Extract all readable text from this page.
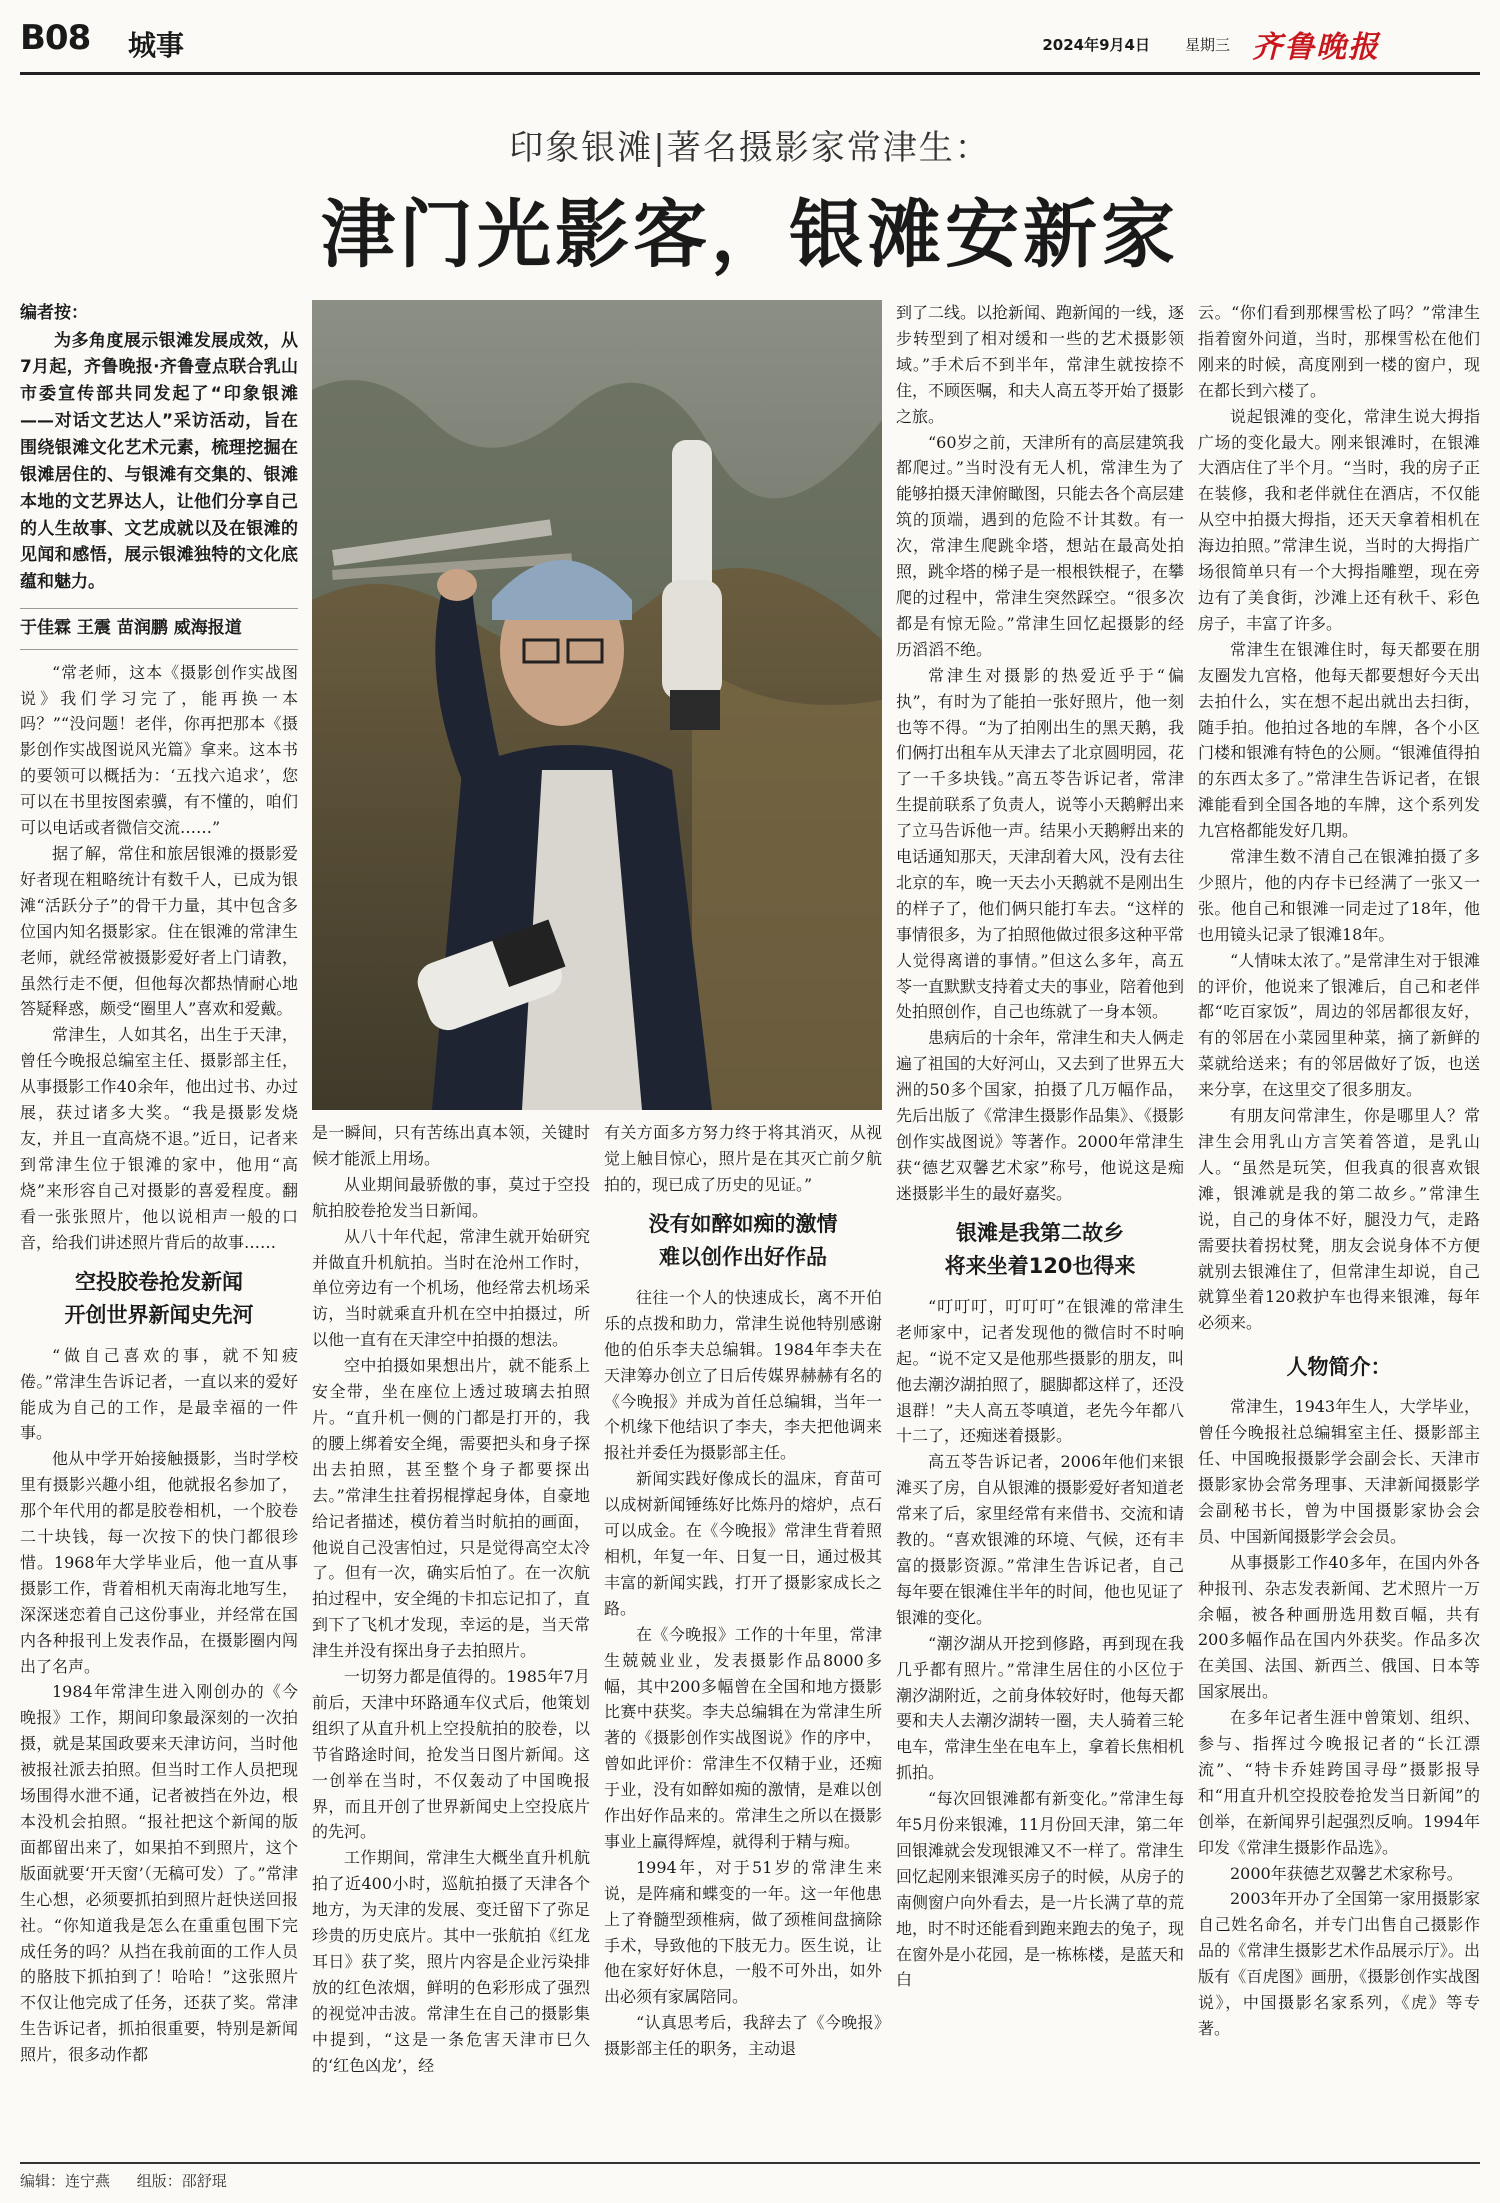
B08 城事	2024年9月4日 星期三 齐鲁晚报
印象银滩|著名摄影家常津生：
津门光影客，银滩安新家
编者按：
为多角度展示银滩发展成效，从7月起，齐鲁晚报·齐鲁壹点联合乳山市委宣传部共同发起了“印象银滩——对话文艺达人”采访活动，旨在围绕银滩文化艺术元素，梳理挖掘在银滩居住的、与银滩有交集的、银滩本地的文艺界达人，让他们分享自己的人生故事、文艺成就以及在银滩的见闻和感悟，展示银滩独特的文化底蕴和魅力。
于佳霖 王震 苗润鹏 威海报道

“常老师，这本《摄影创作实战图说》我们学习完了，能再换一本吗？”“没问题！老伴，你再把那本《摄影创作实战图说风光篇》拿来。这本书的要领可以概括为：‘五找六追求’，您可以在书里按图索骥，有不懂的，咱们可以电话或者微信交流……”

据了解，常住和旅居银滩的摄影爱好者现在粗略统计有数千人，已成为银滩“活跃分子”的骨干力量，其中包含多位国内知名摄影家。住在银滩的常津生老师，就经常被摄影爱好者上门请教，虽然行走不便，但他每次都热情耐心地答疑释惑，颇受“圈里人”喜欢和爱戴。

常津生，人如其名，出生于天津，曾任今晚报总编室主任、摄影部主任，从事摄影工作40余年，他出过书、办过展，获过诸多大奖。“我是摄影发烧友，并且一直高烧不退。”近日，记者来到常津生位于银滩的家中，他用“高烧”来形容自己对摄影的喜爱程度。翻看一张张照片，他以说相声一般的口音，给我们讲述照片背后的故事……

空投胶卷抢发新闻
开创世界新闻史先河

“做自己喜欢的事，就不知疲倦。”常津生告诉记者，一直以来的爱好能成为自己的工作，是最幸福的一件事。

他从中学开始接触摄影，当时学校里有摄影兴趣小组，他就报名参加了，那个年代用的都是胶卷相机，一个胶卷二十块钱，每一次按下的快门都很珍惜。1968年大学毕业后，他一直从事摄影工作，背着相机天南海北地写生，深深迷恋着自己这份事业，并经常在国内各种报刊上发表作品，在摄影圈内闯出了名声。

1984年常津生进入刚创办的《今晚报》工作，期间印象最深刻的一次拍摄，就是某国政要来天津访问，当时他被报社派去拍照。但当时工作人员把现场围得水泄不通，记者被挡在外边，根本没机会拍照。“报社把这个新闻的版面都留出来了，如果拍不到照片，这个版面就要‘开天窗’（无稿可发）了。”常津生心想，必须要抓拍到照片赶快送回报社。“你知道我是怎么在重重包围下完成任务的吗？从挡在我前面的工作人员的胳肢下抓拍到了！哈哈！”这张照片不仅让他完成了任务，还获了奖。常津生告诉记者，抓拍很重要，特别是新闻照片，很多动作都

是一瞬间，只有苦练出真本领，关键时候才能派上用场。

从业期间最骄傲的事，莫过于空投航拍胶卷抢发当日新闻。

从八十年代起，常津生就开始研究并做直升机航拍。当时在沧州工作时，单位旁边有一个机场，他经常去机场采访，当时就乘直升机在空中拍摄过，所以他一直有在天津空中拍摄的想法。

空中拍摄如果想出片，就不能系上安全带，坐在座位上透过玻璃去拍照片。“直升机一侧的门都是打开的，我的腰上绑着安全绳，需要把头和身子探出去拍照，甚至整个身子都要探出去。”常津生拄着拐棍撑起身体，自豪地给记者描述，模仿着当时航拍的画面，他说自己没害怕过，只是觉得高空太冷了。但有一次，确实后怕了。在一次航拍过程中，安全绳的卡扣忘记扣了，直到下了飞机才发现，幸运的是，当天常津生并没有探出身子去拍照片。

一切努力都是值得的。1985年7月前后，天津中环路通车仪式后，他策划组织了从直升机上空投航拍的胶卷，以节省路途时间，抢发当日图片新闻。这一创举在当时，不仅轰动了中国晚报界，而且开创了世界新闻史上空投底片的先河。

工作期间，常津生大概坐直升机航拍了近400小时，巡航拍摄了天津各个地方，为天津的发展、变迁留下了弥足珍贵的历史底片。其中一张航拍《红龙耳日》获了奖，照片内容是企业污染排放的红色浓烟，鲜明的色彩形成了强烈的视觉冲击波。常津生在自己的摄影集中提到，“这是一条危害天津市巳久的‘红色凶龙’，经

有关方面多方努力终于将其消灭，从视觉上触目惊心，照片是在其灭亡前夕航拍的，现已成了历史的见证。”

没有如醉如痴的激情
难以创作出好作品

往往一个人的快速成长，离不开伯乐的点拨和助力，常津生说他特别感谢他的伯乐李夫总编辑。1984年李夫在天津筹办创立了日后传媒界赫赫有名的《今晚报》并成为首任总编辑，当年一个机缘下他结识了李夫，李夫把他调来报社并委任为摄影部主任。

新闻实践好像成长的温床，育苗可以成树新闻锤练好比炼丹的熔炉，点石可以成金。在《今晚报》常津生背着照相机，年复一年、日复一日，通过极其丰富的新闻实践，打开了摄影家成长之路。

在《今晚报》工作的十年里，常津生兢兢业业，发表摄影作品8000多幅，其中200多幅曾在全国和地方摄影比赛中获奖。李夫总编辑在为常津生所著的《摄影创作实战图说》作的序中，曾如此评价：常津生不仅精于业，还痴于业，没有如醉如痴的激情，是难以创作出好作品来的。常津生之所以在摄影事业上赢得辉煌，就得利于精与痴。

1994年，对于51岁的常津生来说，是阵痛和蝶变的一年。这一年他患上了脊髓型颈椎病，做了颈椎间盘摘除手术，导致他的下肢无力。医生说，让他在家好好休息，一般不可外出，如外出必须有家属陪同。

“认真思考后，我辞去了《今晚报》摄影部主任的职务，主动退

到了二线。以抢新闻、跑新闻的一线，逐步转型到了相对缓和一些的艺术摄影领域。”手术后不到半年，常津生就按捺不住，不顾医嘱，和夫人高五苓开始了摄影之旅。

“60岁之前，天津所有的高层建筑我都爬过。”当时没有无人机，常津生为了能够拍摄天津俯瞰图，只能去各个高层建筑的顶端，遇到的危险不计其数。有一次，常津生爬跳伞塔，想站在最高处拍照，跳伞塔的梯子是一根根铁棍子，在攀爬的过程中，常津生突然踩空。“很多次都是有惊无险。”常津生回忆起摄影的经历滔滔不绝。

常津生对摄影的热爱近乎于“偏执”，有时为了能拍一张好照片，他一刻也等不得。“为了拍刚出生的黑天鹅，我们俩打出租车从天津去了北京圆明园，花了一千多块钱。”高五苓告诉记者，常津生提前联系了负责人，说等小天鹅孵出来了立马告诉他一声。结果小天鹅孵出来的电话通知那天，天津刮着大风，没有去往北京的车，晚一天去小天鹅就不是刚出生的样子了，他们俩只能打车去。“这样的事情很多，为了拍照他做过很多这种平常人觉得离谱的事情。”但这么多年，高五苓一直默默支持着丈夫的事业，陪着他到处拍照创作，自己也练就了一身本领。

患病后的十余年，常津生和夫人俩走遍了祖国的大好河山，又去到了世界五大洲的50多个国家，拍摄了几万幅作品，先后出版了《常津生摄影作品集》、《摄影创作实战图说》等著作。2000年常津生获“德艺双馨艺术家”称号，他说这是痴迷摄影半生的最好嘉奖。

银滩是我第二故乡
将来坐着120也得来

“叮叮叮，叮叮叮”在银滩的常津生老师家中，记者发现他的微信时不时响起。“说不定又是他那些摄影的朋友，叫他去潮汐湖拍照了，腿脚都这样了，还没退群！”夫人高五苓嗔道，老先今年都八十二了，还痴迷着摄影。

高五苓告诉记者，2006年他们来银滩买了房，自从银滩的摄影爱好者知道老常来了后，家里经常有来借书、交流和请教的。“喜欢银滩的环境、气候，还有丰富的摄影资源。”常津生告诉记者，自己每年要在银滩住半年的时间，他也见证了银滩的变化。

“潮汐湖从开挖到修路，再到现在我几乎都有照片。”常津生居住的小区位于潮汐湖附近，之前身体较好时，他每天都要和夫人去潮汐湖转一圈，夫人骑着三轮电车，常津生坐在电车上，拿着长焦相机抓拍。

“每次回银滩都有新变化。”常津生每年5月份来银滩，11月份回天津，第二年回银滩就会发现银滩又不一样了。常津生回忆起刚来银滩买房子的时候，从房子的南侧窗户向外看去，是一片长满了草的荒地，时不时还能看到跑来跑去的兔子，现在窗外是小花园，是一栋栋楼，是蓝天和白

云。“你们看到那棵雪松了吗？”常津生指着窗外问道，当时，那棵雪松在他们刚来的时候，高度刚到一楼的窗户，现在都长到六楼了。

说起银滩的变化，常津生说大拇指广场的变化最大。刚来银滩时，在银滩大酒店住了半个月。“当时，我的房子正在装修，我和老伴就住在酒店，不仅能从空中拍摄大拇指，还天天拿着相机在海边拍照。”常津生说，当时的大拇指广场很简单只有一个大拇指雕塑，现在旁边有了美食街，沙滩上还有秋千、彩色房子，丰富了许多。

常津生在银滩住时，每天都要在朋友圈发九宫格，他每天都要想好今天出去拍什么，实在想不起出就出去扫街，随手拍。他拍过各地的车牌，各个小区门楼和银滩有特色的公厕。“银滩值得拍的东西太多了。”常津生告诉记者，在银滩能看到全国各地的车牌，这个系列发九宫格都能发好几期。

常津生数不清自己在银滩拍摄了多少照片，他的内存卡已经满了一张又一张。他自己和银滩一同走过了18年，他也用镜头记录了银滩18年。

“人情味太浓了。”是常津生对于银滩的评价，他说来了银滩后，自己和老伴都“吃百家饭”，周边的邻居都很友好，有的邻居在小菜园里种菜，摘了新鲜的菜就给送来；有的邻居做好了饭，也送来分享，在这里交了很多朋友。

有朋友问常津生，你是哪里人？常津生会用乳山方言笑着答道，是乳山人。“虽然是玩笑，但我真的很喜欢银滩，银滩就是我的第二故乡。”常津生说，自己的身体不好，腿没力气，走路需要扶着拐杖凳，朋友会说身体不方便就别去银滩住了，但常津生却说，自己就算坐着120救护车也得来银滩，每年必须来。

人物简介：

常津生，1943年生人，大学毕业，曾任今晚报社总编辑室主任、摄影部主任、中国晚报摄影学会副会长、天津市摄影家协会常务理事、天津新闻摄影学会副秘书长，曾为中国摄影家协会会员、中国新闻摄影学会会员。

从事摄影工作40多年，在国内外各种报刊、杂志发表新闻、艺术照片一万余幅，被各种画册选用数百幅，共有200多幅作品在国内外获奖。作品多次在美国、法国、新西兰、俄国、日本等国家展出。

在多年记者生涯中曾策划、组织、参与、指挥过今晚报记者的“长江漂流”、“特卡乔娃跨国寻母”摄影报导和“用直升机空投胶卷抢发当日新闻”的创举，在新闻界引起强烈反响。1994年印发《常津生摄影作品选》。

2000年获德艺双馨艺术家称号。

2003年开办了全国第一家用摄影家自己姓名命名，并专门出售自己摄影作品的《常津生摄影艺术作品展示厅》。出版有《百虎图》画册，《摄影创作实战图说》，中国摄影名家系列，《虎》等专著。

编辑：连宁燕 组版：邵舒琨
